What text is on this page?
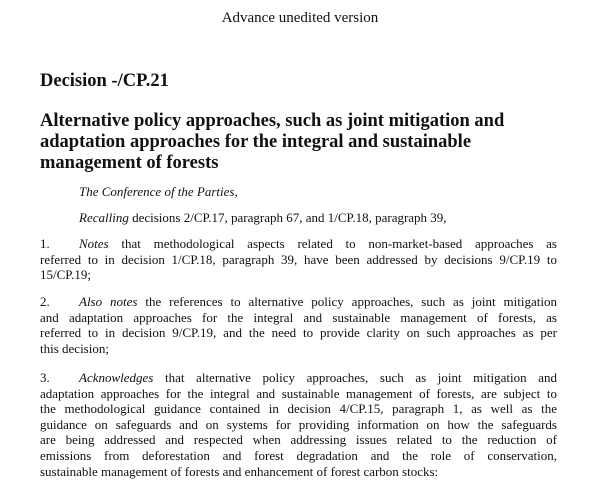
Advance unedited version
Decision -/CP.21
Alternative policy approaches, such as joint mitigation and
adaptation approaches for the integral and sustainable
management of forests
The Conference of the Parties,
Recalling decisions 2/CP.17, paragraph 67, and 1/CP.18, paragraph 39,
1. Notes that methodological aspects related to non-market-based approaches as
referred to in decision 1/CP.18, paragraph 39, have been addressed by decisions 9/CP.19 to
15/CP.19;
2. Also notes the references to alternative policy approaches, such as joint mitigation
and adaptation approaches for the integral and sustainable management of forests, as
referred to in decision 9/CP.19, and the need to provide clarity on such approaches as per
this decision;
3. Acknowledges that alternative policy approaches, such as joint mitigation and
adaptation approaches for the integral and sustainable management of forests, are subject to
the methodological guidance contained in decision 4/CP.15, paragraph 1, as well as the
guidance on safeguards and on systems for providing information on how the safeguards
are being addressed and respected when addressing issues related to the reduction of
emissions from deforestation and forest degradation and the role of conservation,
sustainable management of forests and enhancement of forest carbon stocks:
